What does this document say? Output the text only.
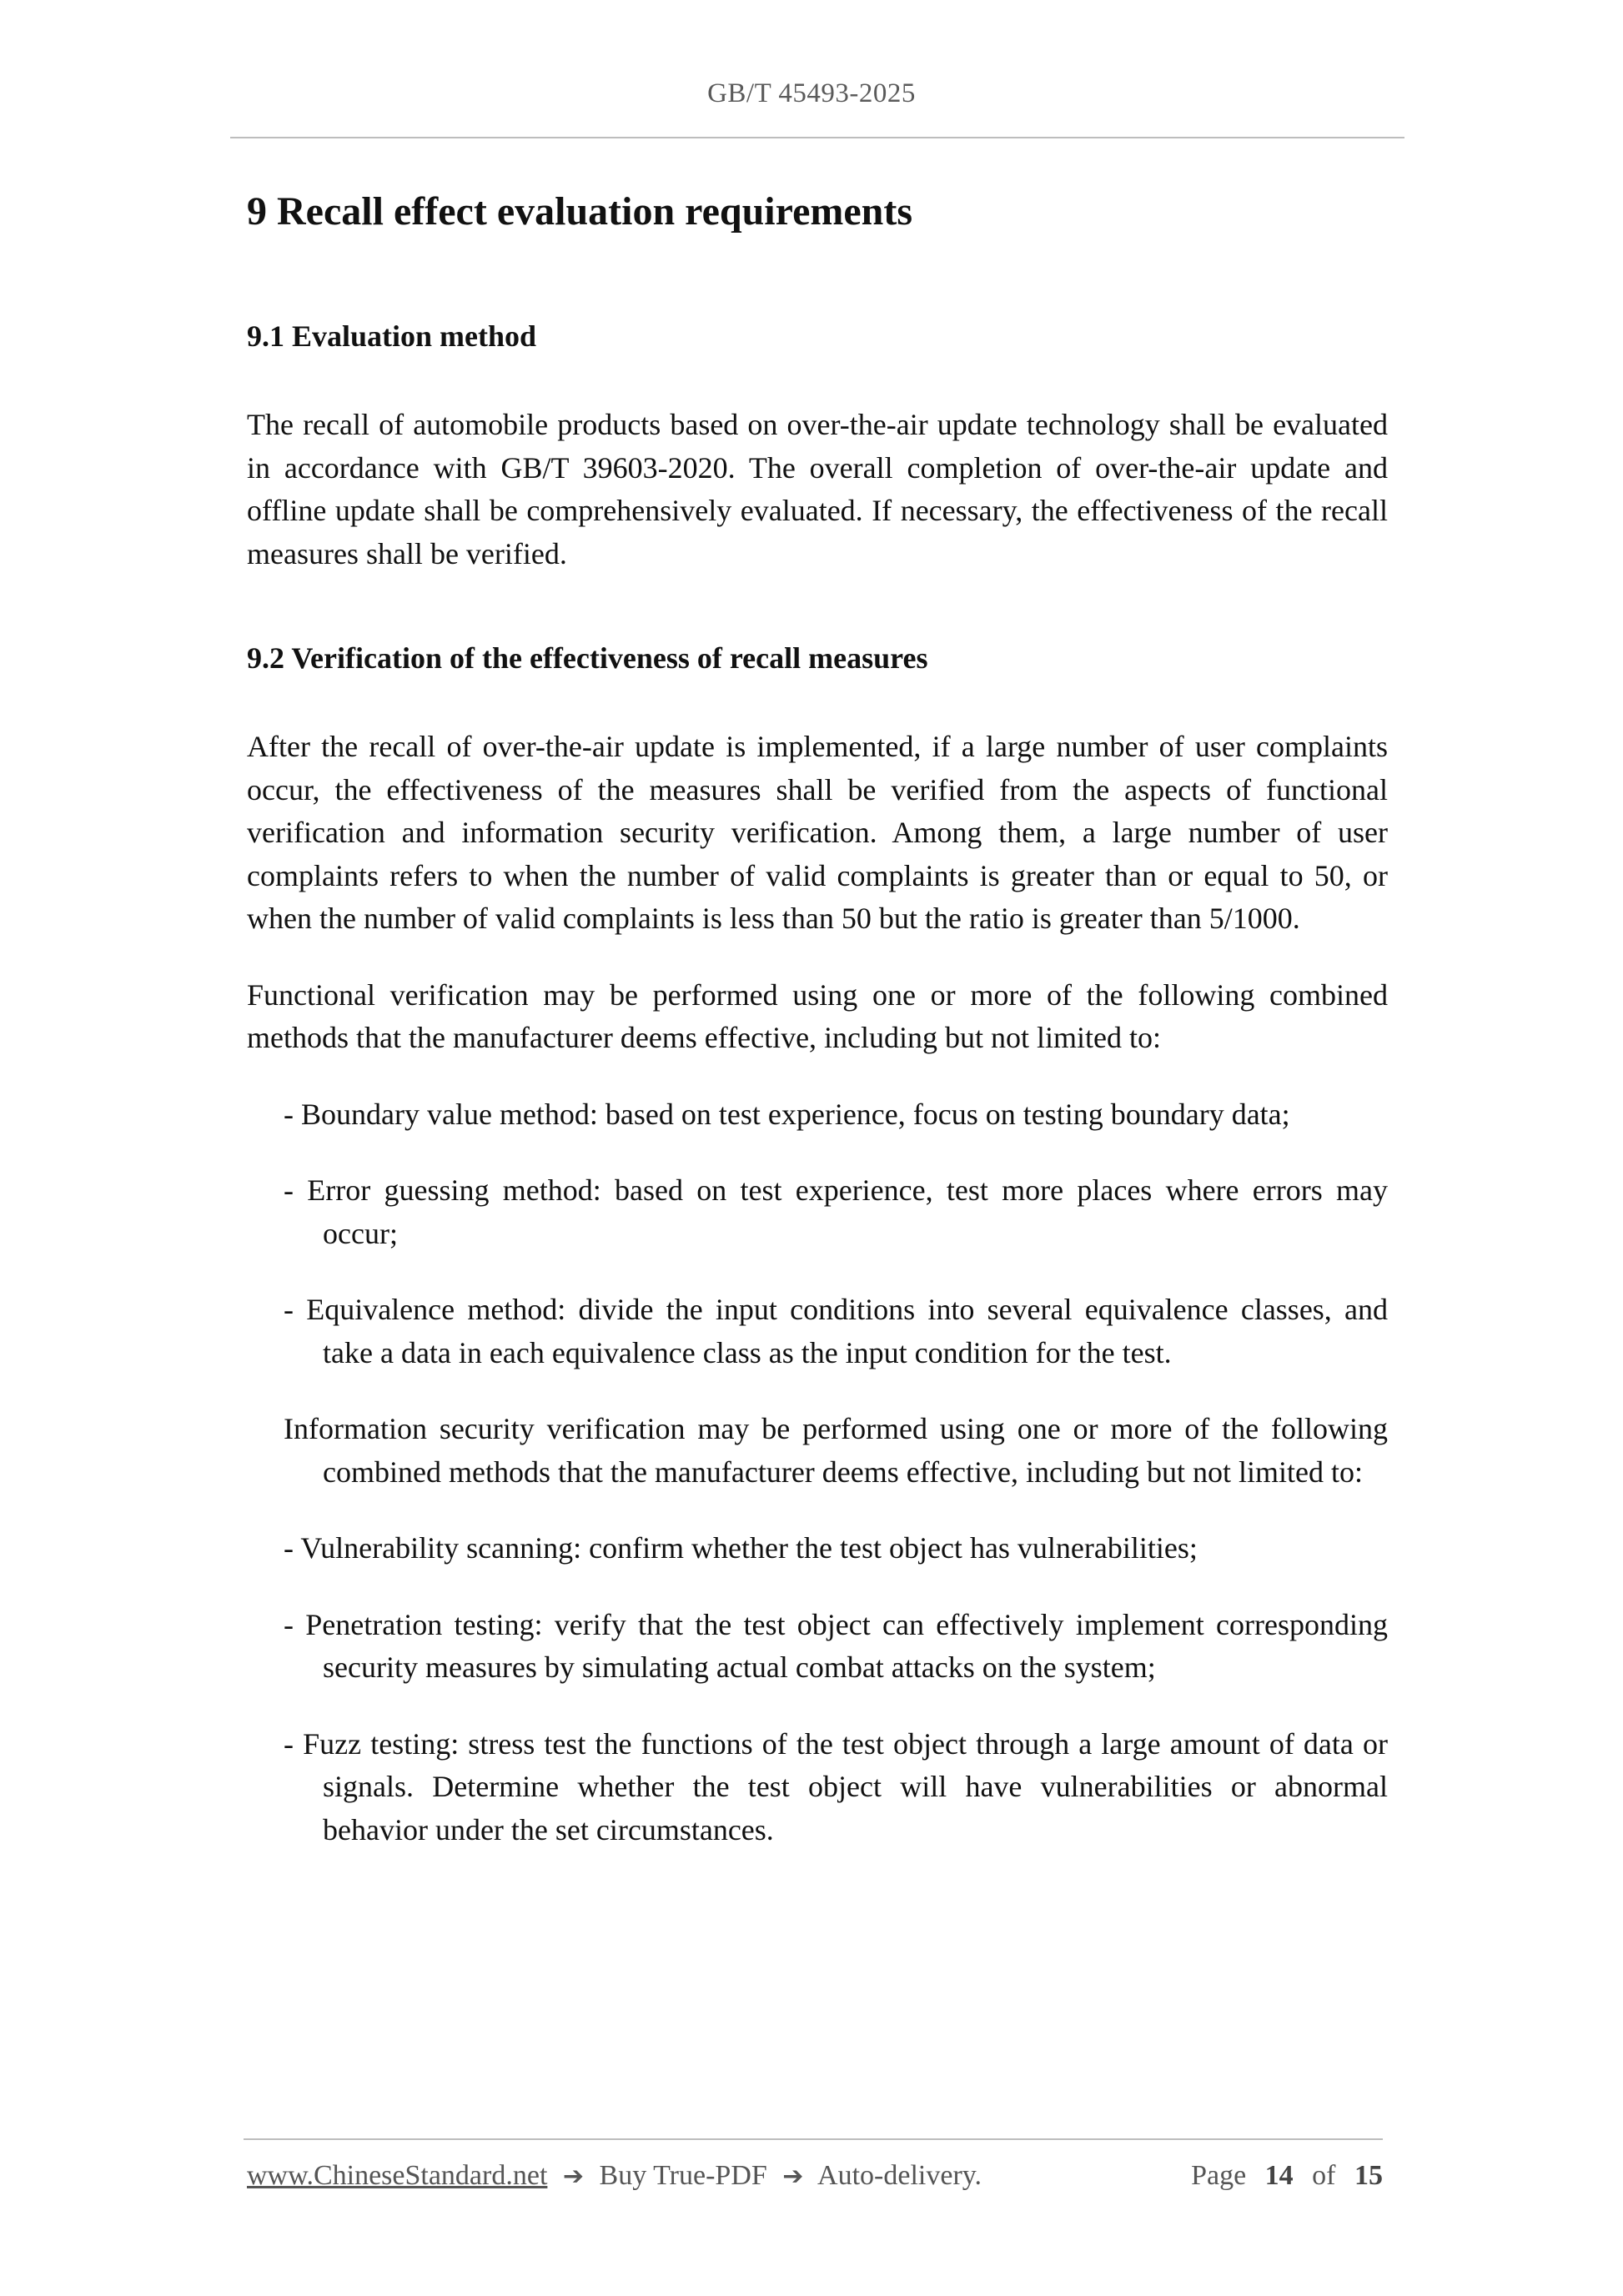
GB/T 45493-2025
9 Recall effect evaluation requirements
9.1 Evaluation method

The recall of automobile products based on over-the-air update technology shall be evaluated in accordance with GB/T 39603-2020. The overall completion of over-the-air update and offline update shall be comprehensively evaluated. If necessary, the effectiveness of the recall measures shall be verified.

9.2 Verification of the effectiveness of recall measures

After the recall of over-the-air update is implemented, if a large number of user complaints occur, the effectiveness of the measures shall be verified from the aspects of functional verification and information security verification. Among them, a large number of user complaints refers to when the number of valid complaints is greater than or equal to 50, or when the number of valid complaints is less than 50 but the ratio is greater than 5/1000.

Functional verification may be performed using one or more of the following combined methods that the manufacturer deems effective, including but not limited to:

- Boundary value method: based on test experience, focus on testing boundary data;
- Error guessing method: based on test experience, test more places where errors may occur;
- Equivalence method: divide the input conditions into several equivalence classes, and take a data in each equivalence class as the input condition for the test.
Information security verification may be performed using one or more of the following combined methods that the manufacturer deems effective, including but not limited to:
- Vulnerability scanning: confirm whether the test object has vulnerabilities;
- Penetration testing: verify that the test object can effectively implement corresponding security measures by simulating actual combat attacks on the system;
- Fuzz testing: stress test the functions of the test object through a large amount of data or signals. Determine whether the test object will have vulnerabilities or abnormal behavior under the set circumstances.
www.ChineseStandard.net ➔ Buy True-PDF ➔ Auto-delivery.	Page 14 of 15
